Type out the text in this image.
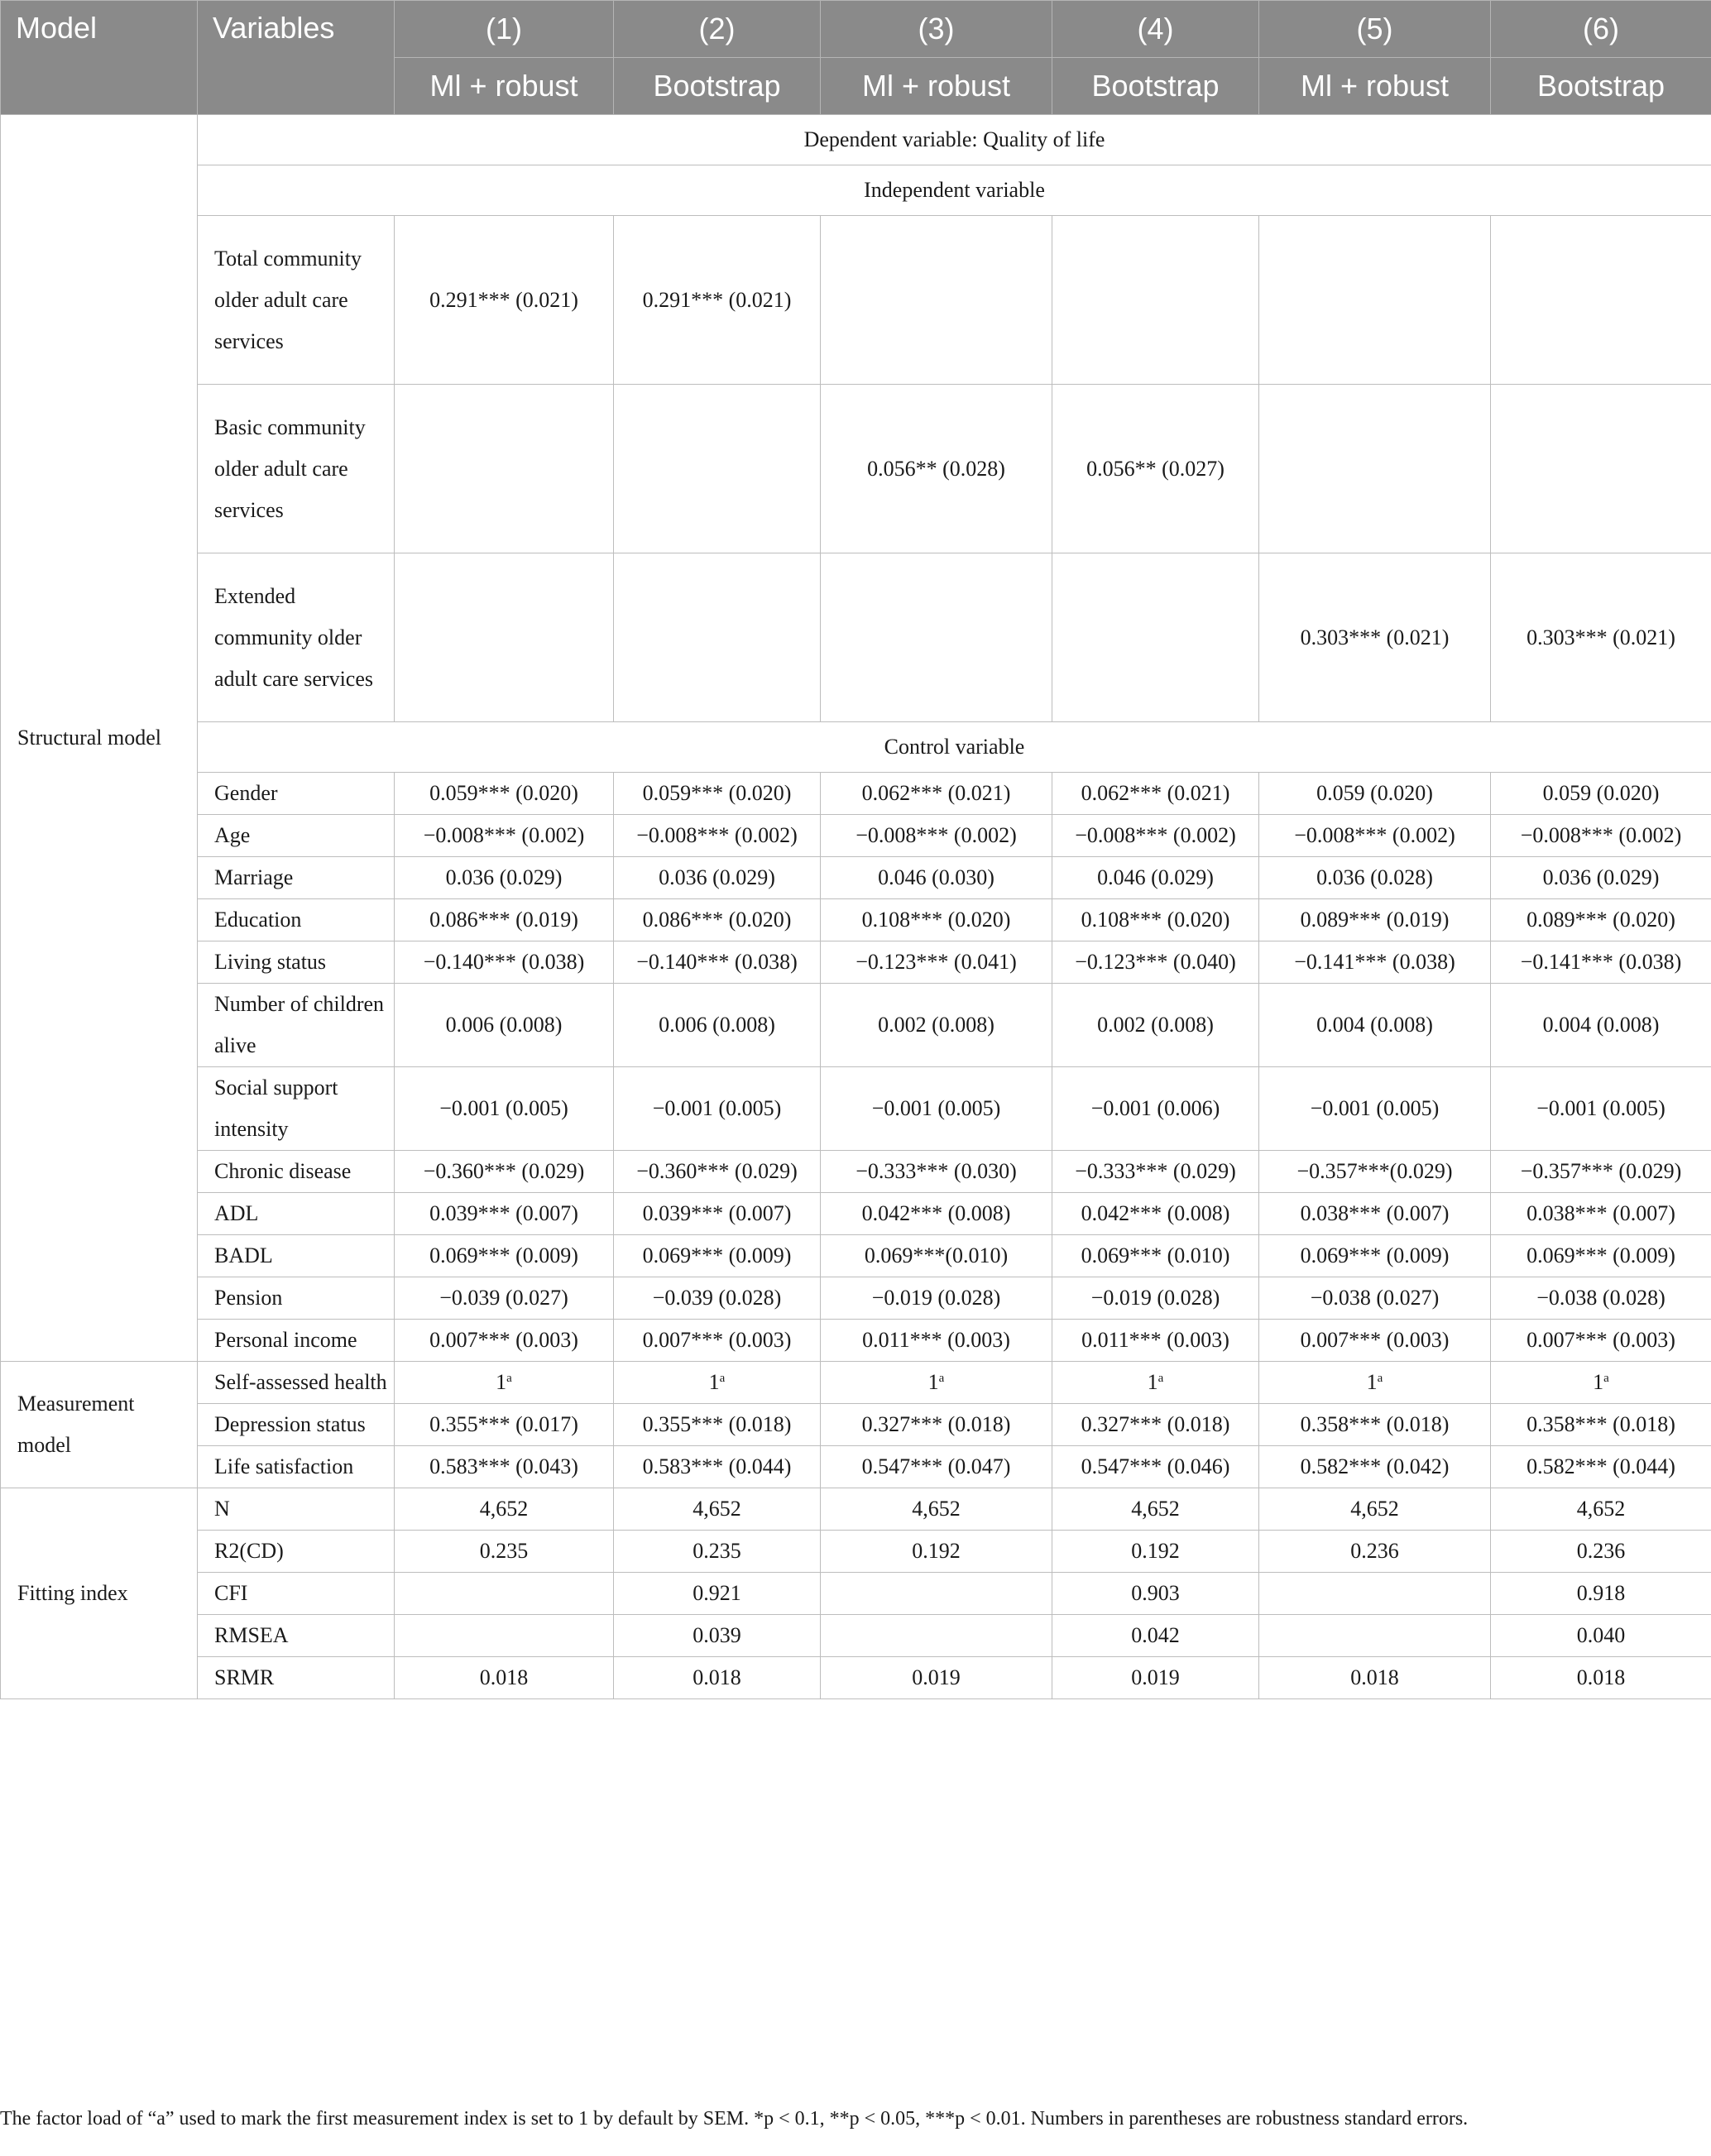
Model	Variables	(1)	(2)	(3)	(4)	(5)	(6)
		Ml + robust	Bootstrap	Ml + robust	Bootstrap	Ml + robust	Bootstrap
Structural model	Dependent variable: Quality of life						
	Independent variable						
	Total community older adult care services	0.291*** (0.021)	0.291*** (0.021)				
	Basic community older adult care services			0.056** (0.028)	0.056** (0.027)		
	Extended community older adult care services					0.303*** (0.021)	0.303*** (0.021)
	Control variable						
	Gender	0.059*** (0.020)	0.059*** (0.020)	0.062*** (0.021)	0.062*** (0.021)	0.059 (0.020)	0.059 (0.020)
	Age	−0.008*** (0.002)	−0.008*** (0.002)	−0.008*** (0.002)	−0.008*** (0.002)	−0.008*** (0.002)	−0.008*** (0.002)
	Marriage	0.036 (0.029)	0.036 (0.029)	0.046 (0.030)	0.046 (0.029)	0.036 (0.028)	0.036 (0.029)
	Education	0.086*** (0.019)	0.086*** (0.020)	0.108*** (0.020)	0.108*** (0.020)	0.089*** (0.019)	0.089*** (0.020)
	Living status	−0.140*** (0.038)	−0.140*** (0.038)	−0.123*** (0.041)	−0.123*** (0.040)	−0.141*** (0.038)	−0.141*** (0.038)
	Number of children alive	0.006 (0.008)	0.006 (0.008)	0.002 (0.008)	0.002 (0.008)	0.004 (0.008)	0.004 (0.008)
	Social support intensity	−0.001 (0.005)	−0.001 (0.005)	−0.001 (0.005)	−0.001 (0.006)	−0.001 (0.005)	−0.001 (0.005)
	Chronic disease	−0.360*** (0.029)	−0.360*** (0.029)	−0.333*** (0.030)	−0.333*** (0.029)	−0.357***(0.029)	−0.357*** (0.029)
	ADL	0.039*** (0.007)	0.039*** (0.007)	0.042*** (0.008)	0.042*** (0.008)	0.038*** (0.007)	0.038*** (0.007)
	BADL	0.069*** (0.009)	0.069*** (0.009)	0.069***(0.010)	0.069*** (0.010)	0.069*** (0.009)	0.069*** (0.009)
	Pension	−0.039 (0.027)	−0.039 (0.028)	−0.019 (0.028)	−0.019 (0.028)	−0.038 (0.027)	−0.038 (0.028)
	Personal income	0.007*** (0.003)	0.007*** (0.003)	0.011*** (0.003)	0.011*** (0.003)	0.007*** (0.003)	0.007*** (0.003)
Measurement model	Self-assessed health	1$^a$	1$^a$	1$^a$	1$^a$	1$^a$	1$^a$
	Depression status	0.355*** (0.017)	0.355*** (0.018)	0.327*** (0.018)	0.327*** (0.018)	0.358*** (0.018)	0.358*** (0.018)
	Life satisfaction	0.583*** (0.043)	0.583*** (0.044)	0.547*** (0.047)	0.547*** (0.046)	0.582*** (0.042)	0.582*** (0.044)
Fitting index	N	4,652	4,652	4,652	4,652	4,652	4,652
	R2(CD)	0.235	0.235	0.192	0.192	0.236	0.236
	CFI		0.921		0.903		0.918
	RMSEA		0.039		0.042		0.040
	SRMR	0.018	0.018	0.019	0.019	0.018	0.018
The factor load of “a” used to mark the first measurement index is set to 1 by default by SEM. *p < 0.1, **p < 0.05, ***p < 0.01. Numbers in parentheses are robustness standard errors.
